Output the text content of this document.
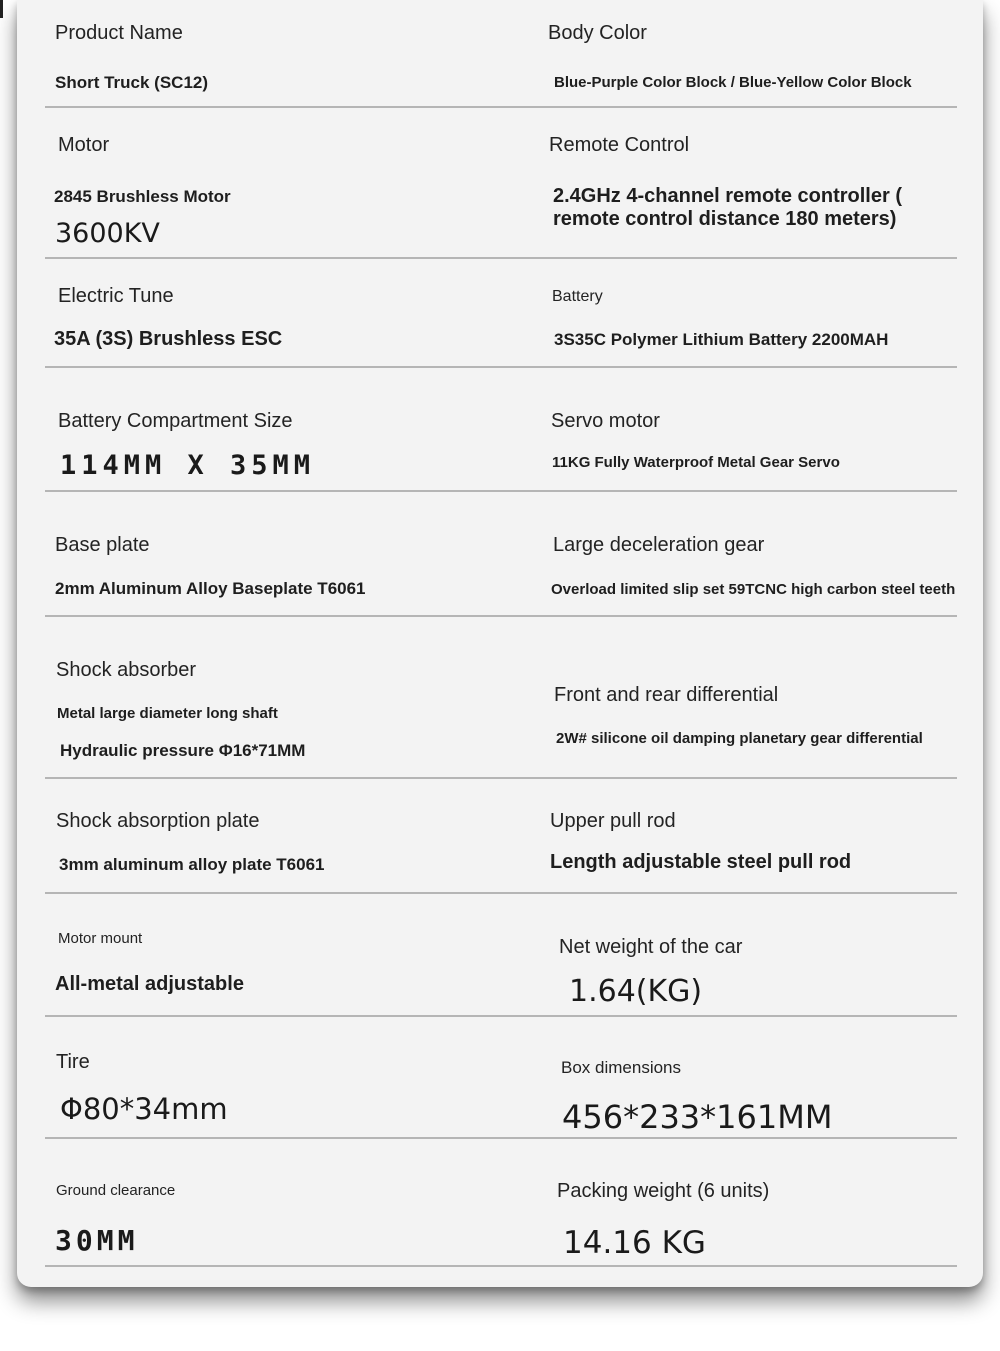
Product Name
Short Truck (SC12)
Body Color
Blue-Purple Color Block / Blue-Yellow Color Block
Motor
2845 Brushless Motor
3600KV
Remote Control
2.4GHz 4-channel remote controller (
remote control distance 180 meters)
Electric Tune
35A (3S) Brushless ESC
Battery
3S35C Polymer Lithium Battery 2200MAH
Battery Compartment Size
114MM X 35MM
Servo motor
11KG Fully Waterproof Metal Gear Servo
Base plate
2mm Aluminum Alloy Baseplate T6061
Large deceleration gear
Overload limited slip set 59TCNC high carbon steel teeth
Shock absorber
Metal large diameter long shaft
Hydraulic pressure Φ16*71MM
Front and rear differential
2W# silicone oil damping planetary gear differential
Shock absorption plate
3mm aluminum alloy plate T6061
Upper pull rod
Length adjustable steel pull rod
Motor mount
All-metal adjustable
Net weight of the car
1.64(KG)
Tire
Φ80*34mm
Box dimensions
456*233*161MM
Ground clearance
30MM
Packing weight (6 units)
14.16 KG
